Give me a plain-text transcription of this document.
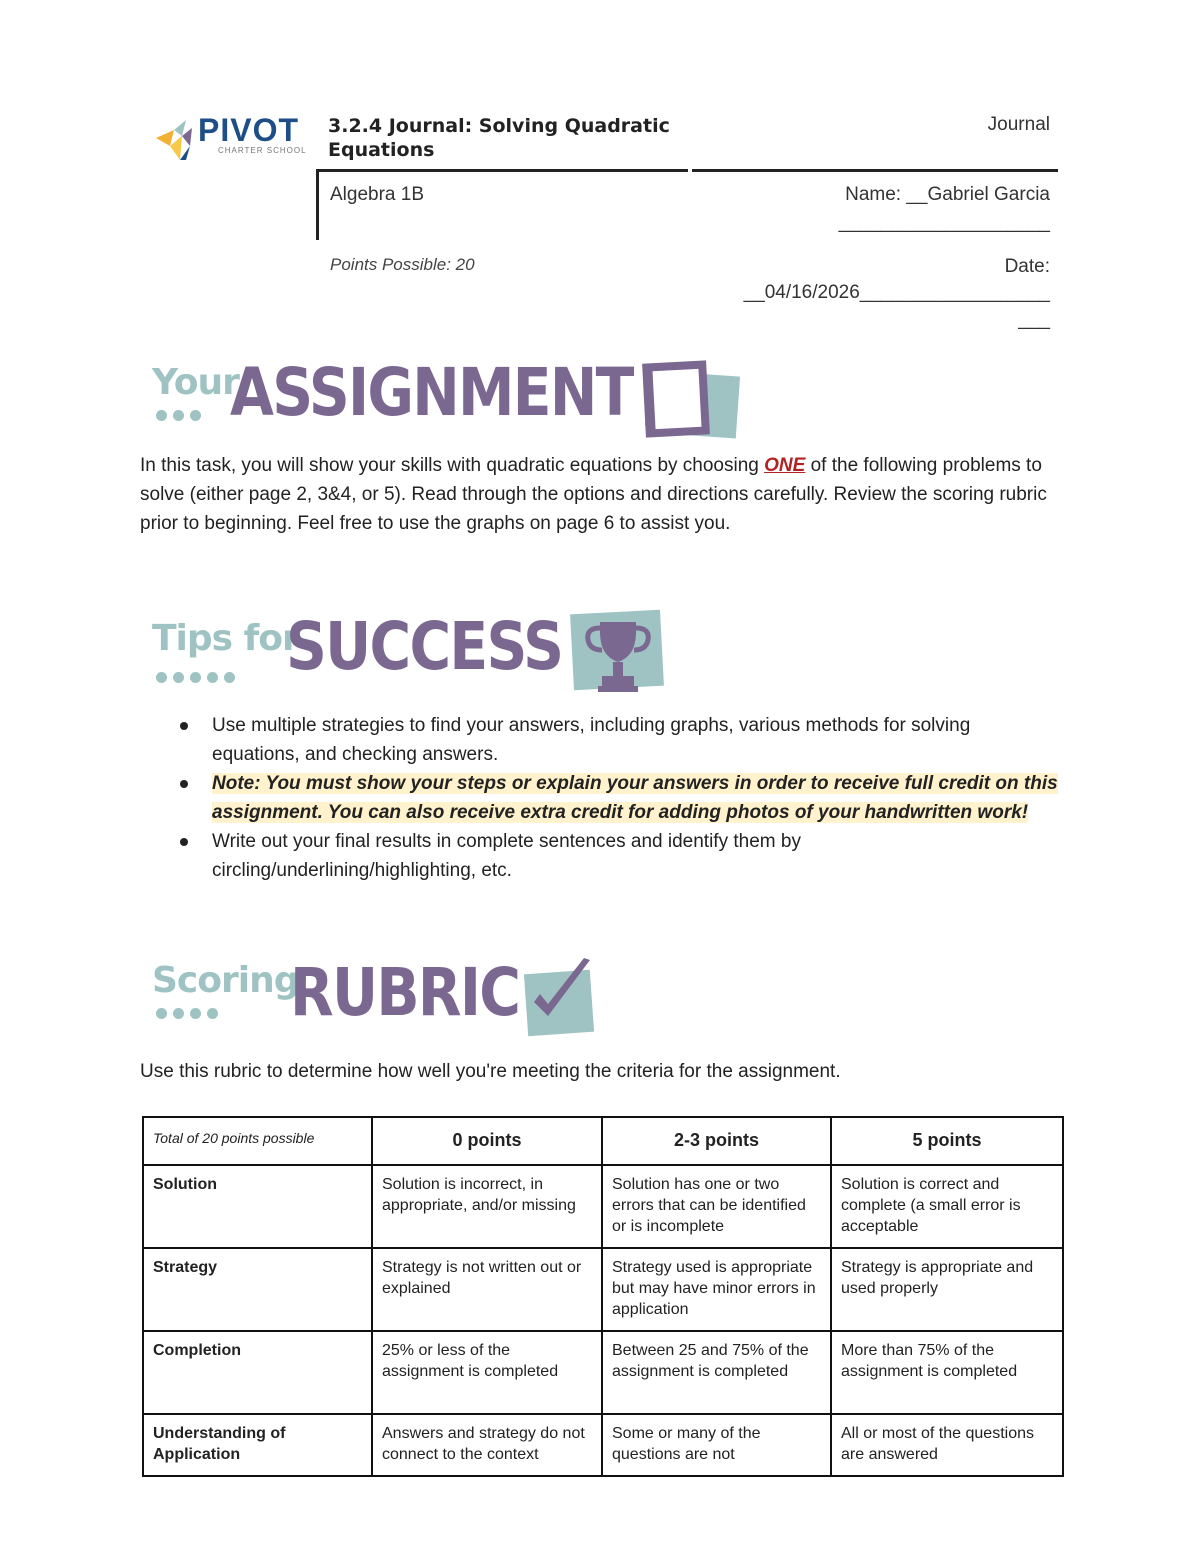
PIVOT
CHARTER SCHOOL
3.2.4 Journal: Solving Quadratic Equations
Journal
Algebra 1B	Name: __Gabriel Garcia
____________________
Points Possible: 20	Date:
__04/16/2026__________________
___
Your
ASSIGNMENT
In this task, you will show your skills with quadratic equations by choosing ONE of the following problems to solve (either page 2, 3&4, or 5). Read through the options and directions carefully. Review the scoring rubric prior to beginning. Feel free to use the graphs on page 6 to assist you.
Tips for
SUCCESS
Use multiple strategies to find your answers, including graphs, various methods for solving equations, and checking answers.
Note: You must show your steps or explain your answers in order to receive full credit on this assignment. You can also receive extra credit for adding photos of your handwritten work!
Write out your final results in complete sentences and identify them by circling/underlining/highlighting, etc.
Scoring
RUBRIC
Use this rubric to determine how well you're meeting the criteria for the assignment.
Total of 20 points possible	0 points	2-3 points	5 points
Solution	Solution is incorrect, in appropriate, and/or missing	Solution has one or two errors that can be identified or is incomplete	Solution is correct and complete (a small error is acceptable
Strategy	Strategy is not written out or explained	Strategy used is appropriate but may have minor errors in application	Strategy is appropriate and used properly
Completion	25% or less of the assignment is completed	Between 25 and 75% of the assignment is completed	More than 75% of the assignment is completed
Understanding of Application	Answers and strategy do not connect to the context	Some or many of the questions are not	All or most of the questions are answered
